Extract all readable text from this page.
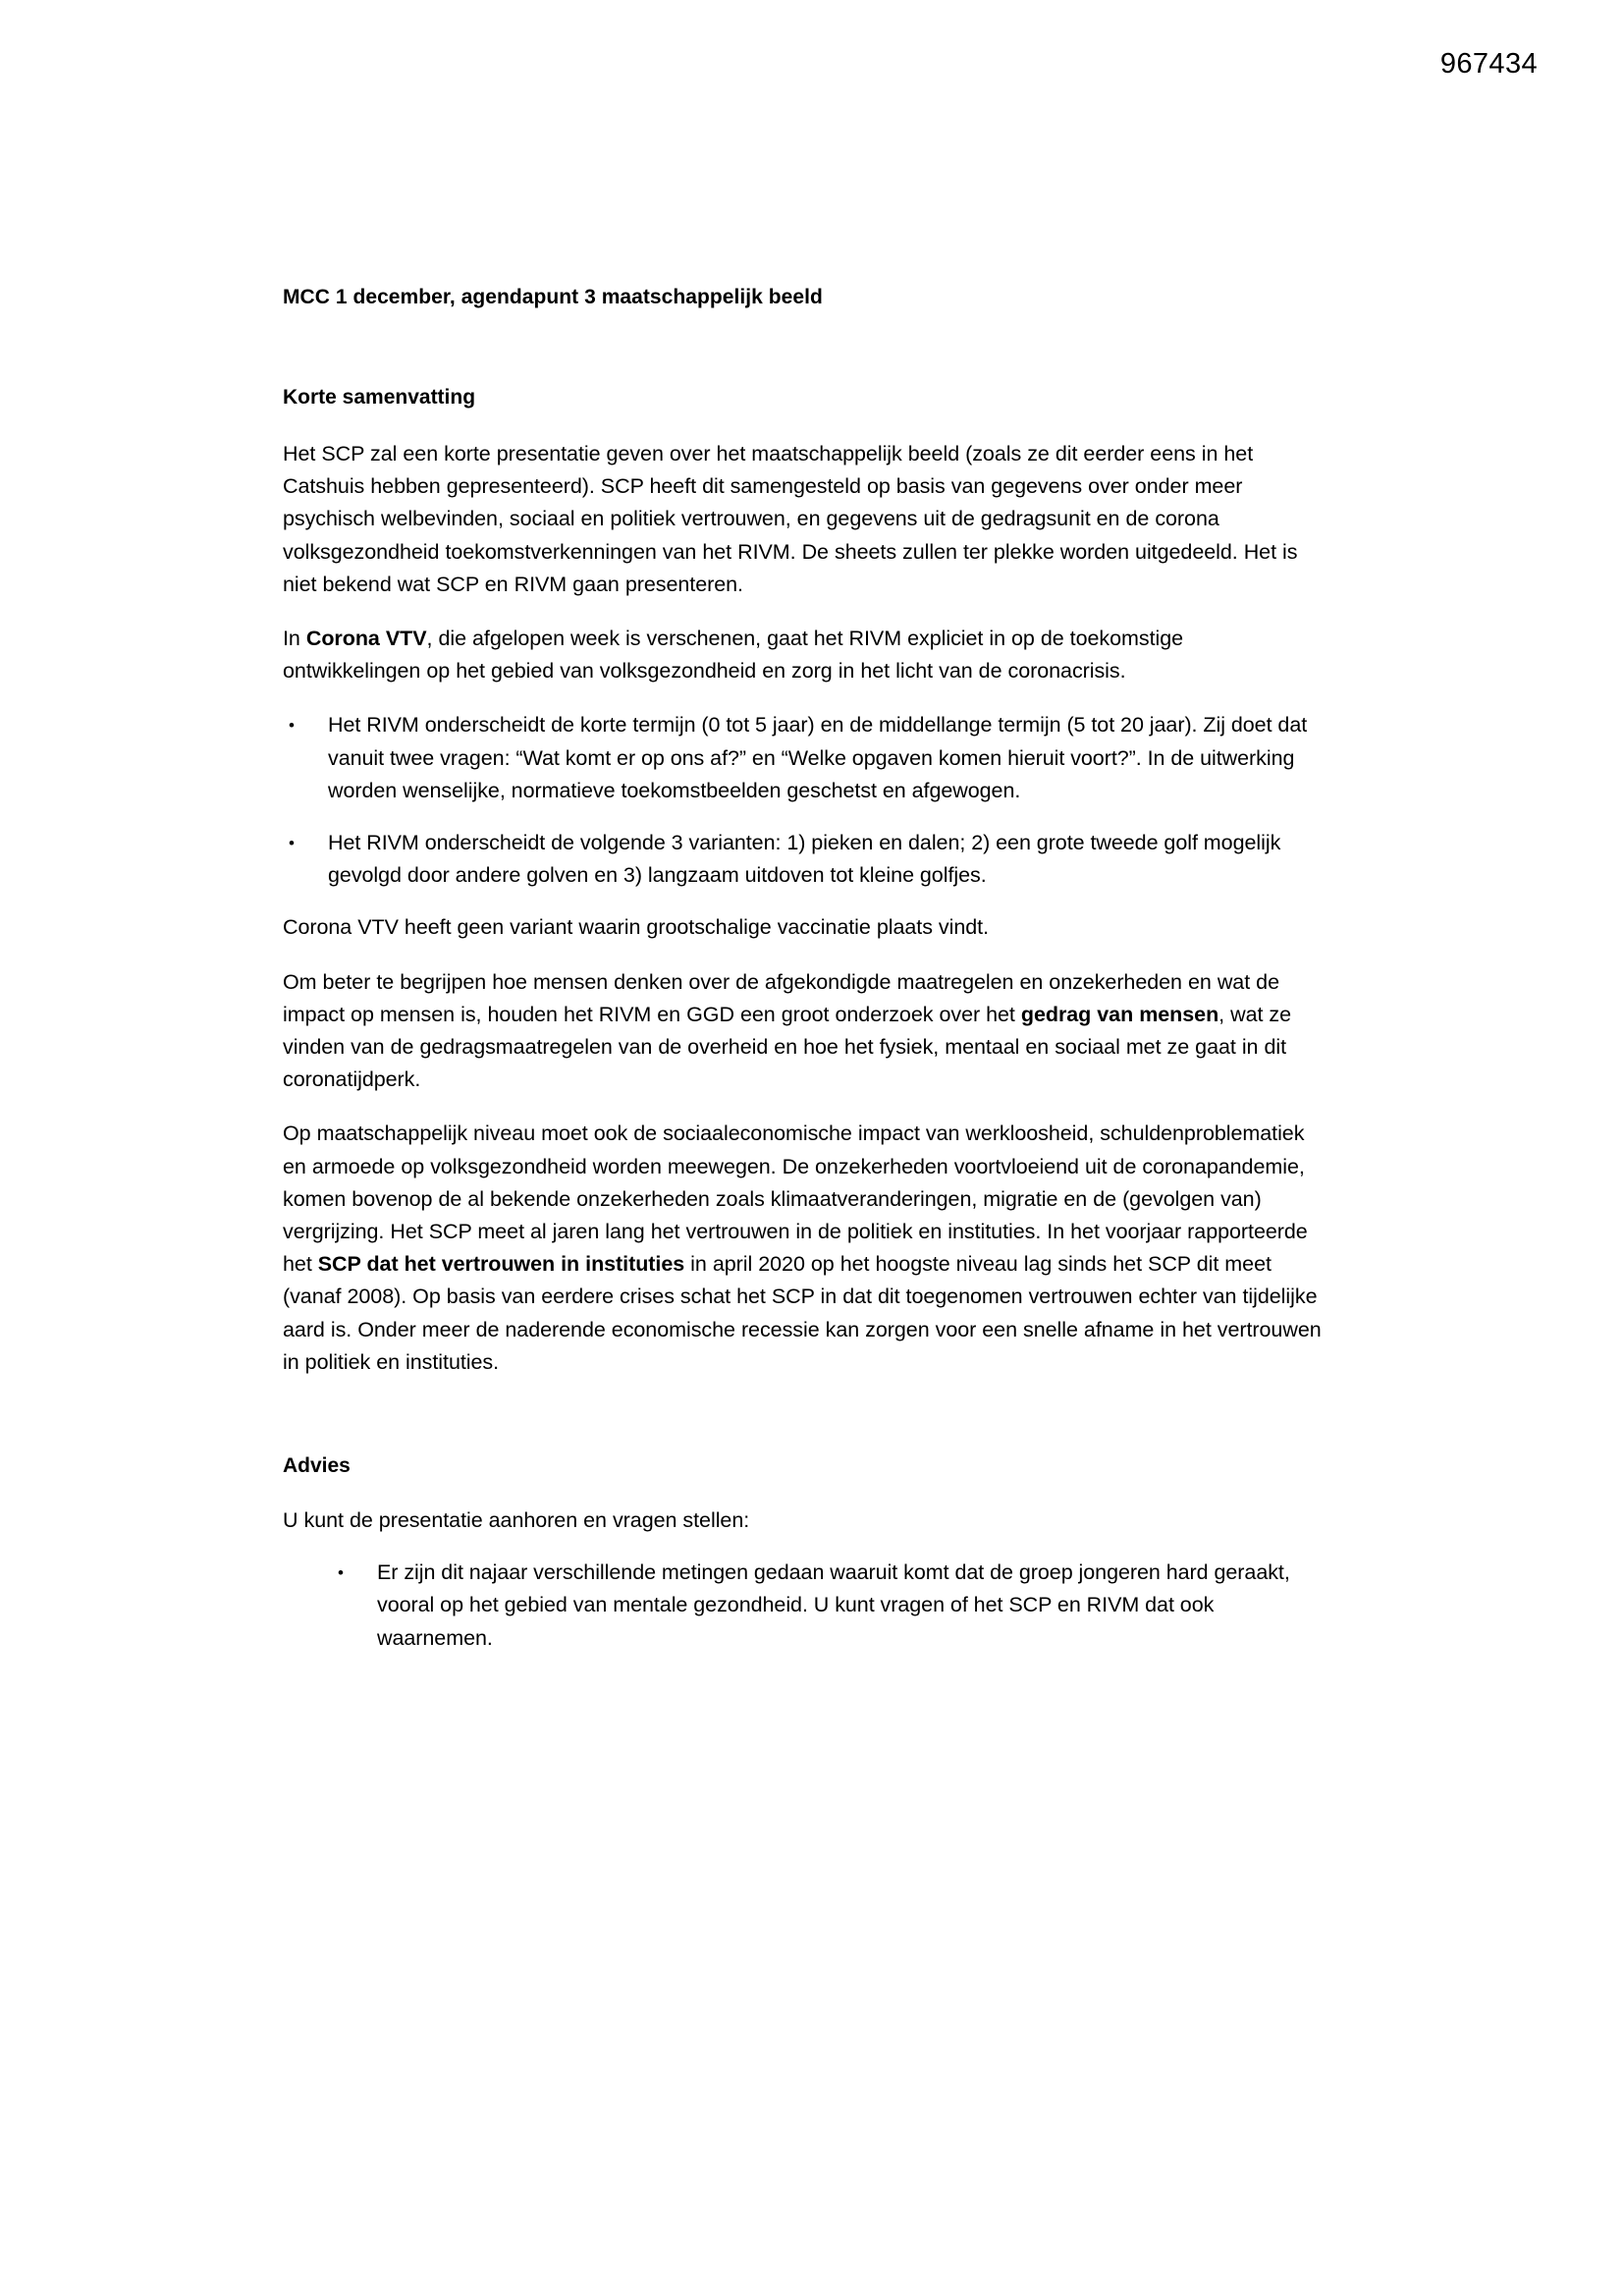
967434
MCC 1 december, agendapunt 3 maatschappelijk beeld
Korte samenvatting

Het SCP zal een korte presentatie geven over het maatschappelijk beeld (zoals ze dit eerder eens in het Catshuis hebben gepresenteerd). SCP heeft dit samengesteld op basis van gegevens over onder meer psychisch welbevinden, sociaal en politiek vertrouwen, en gegevens uit de gedragsunit en de corona volksgezondheid toekomstverkenningen van het RIVM. De sheets zullen ter plekke worden uitgedeeld. Het is niet bekend wat SCP en RIVM gaan presenteren.

In Corona VTV, die afgelopen week is verschenen, gaat het RIVM expliciet in op de toekomstige ontwikkelingen op het gebied van volksgezondheid en zorg in het licht van de coronacrisis.

• Het RIVM onderscheidt de korte termijn (0 tot 5 jaar) en de middellange termijn (5 tot 20 jaar). Zij doet dat vanuit twee vragen: “Wat komt er op ons af?” en “Welke opgaven komen hieruit voort?”. In de uitwerking worden wenselijke, normatieve toekomstbeelden geschetst en afgewogen.
• Het RIVM onderscheidt de volgende 3 varianten: 1) pieken en dalen; 2) een grote tweede golf mogelijk gevolgd door andere golven en 3) langzaam uitdoven tot kleine golfjes.

Corona VTV heeft geen variant waarin grootschalige vaccinatie plaats vindt.

Om beter te begrijpen hoe mensen denken over de afgekondigde maatregelen en onzekerheden en wat de impact op mensen is, houden het RIVM en GGD een groot onderzoek over het gedrag van mensen, wat ze vinden van de gedragsmaatregelen van de overheid en hoe het fysiek, mentaal en sociaal met ze gaat in dit coronatijdperk.

Op maatschappelijk niveau moet ook de sociaaleconomische impact van werkloosheid, schuldenproblematiek en armoede op volksgezondheid worden meewegen. De onzekerheden voortvloeiend uit de coronapandemie, komen bovenop de al bekende onzekerheden zoals klimaatveranderingen, migratie en de (gevolgen van) vergrijzing. Het SCP meet al jaren lang het vertrouwen in de politiek en instituties. In het voorjaar rapporteerde het SCP dat het vertrouwen in instituties in april 2020 op het hoogste niveau lag sinds het SCP dit meet (vanaf 2008). Op basis van eerdere crises schat het SCP in dat dit toegenomen vertrouwen echter van tijdelijke aard is. Onder meer de naderende economische recessie kan zorgen voor een snelle afname in het vertrouwen in politiek en instituties.

Advies

U kunt de presentatie aanhoren en vragen stellen:

• Er zijn dit najaar verschillende metingen gedaan waaruit komt dat de groep jongeren hard geraakt, vooral op het gebied van mentale gezondheid. U kunt vragen of het SCP en RIVM dat ook waarnemen.
